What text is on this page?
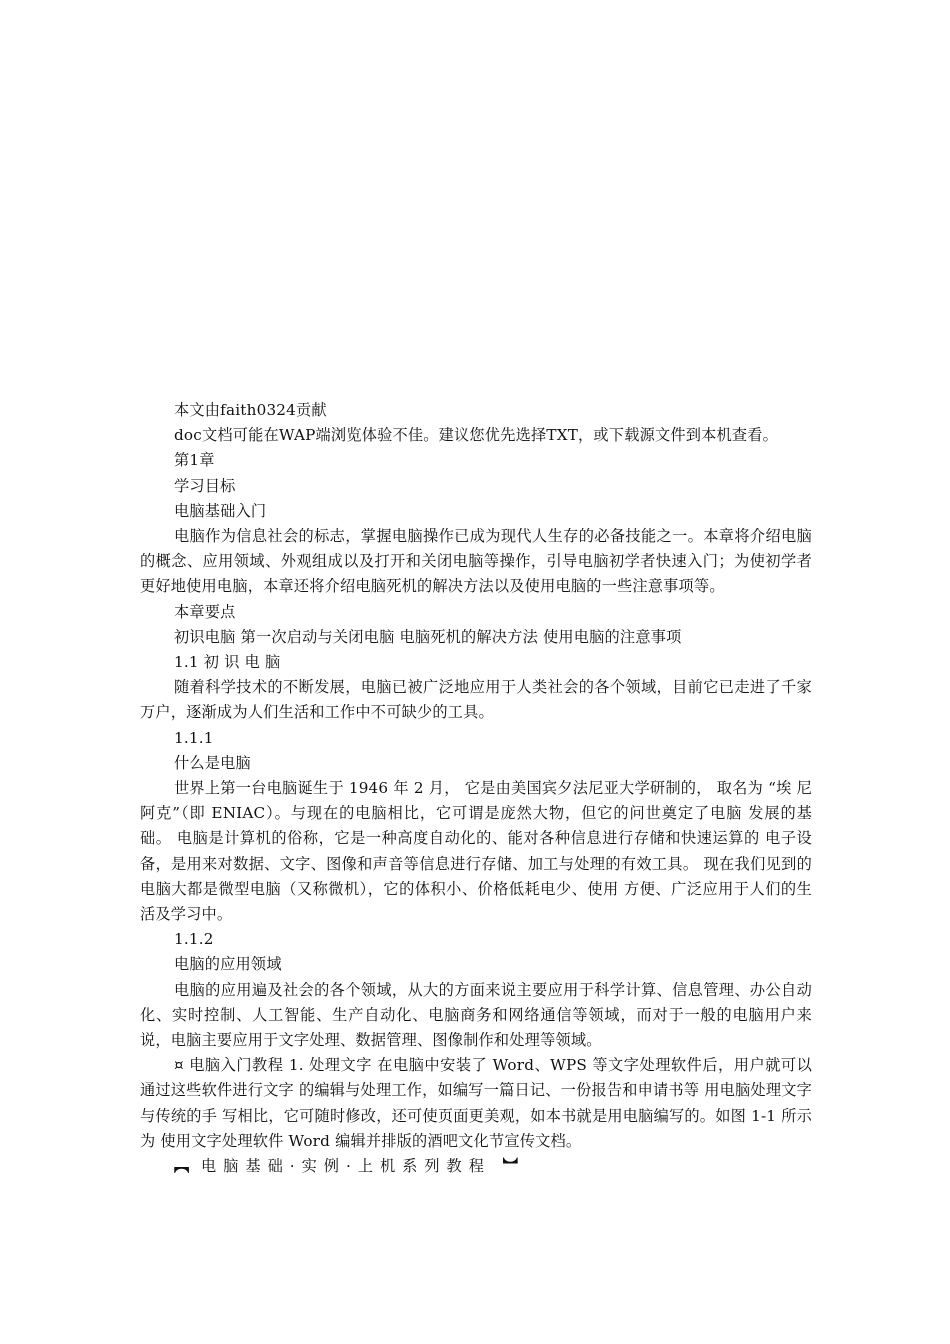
本文由faith0324贡献

doc文档可能在WAP端浏览体验不佳。建议您优先选择TXT，或下载源文件到本机查看。

第1章

学习目标

电脑基础入门

电脑作为信息社会的标志，掌握电脑操作已成为现代人生存的必备技能之一。本章将介绍电脑的概念、应用领域、外观组成以及打开和关闭电脑等操作，引导电脑初学者快速入门；为使初学者更好地使用电脑，本章还将介绍电脑死机的解决方法以及使用电脑的一些注意事项等。

本章要点

初识电脑 第一次启动与关闭电脑 电脑死机的解决方法 使用电脑的注意事项

1.1 初 识 电 脑

随着科学技术的不断发展，电脑已被广泛地应用于人类社会的各个领域，目前它已走进了千家万户，逐渐成为人们生活和工作中不可缺少的工具。

1.1.1

什么是电脑

世界上第一台电脑诞生于 1946 年 2 月， 它是由美国宾夕法尼亚大学研制的， 取名为 “埃 尼阿克”（即 ENIAC）。与现在的电脑相比，它可谓是庞然大物，但它的问世奠定了电脑 发展的基础。 电脑是计算机的俗称，它是一种高度自动化的、能对各种信息进行存储和快速运算的 电子设备，是用来对数据、文字、图像和声音等信息进行存储、加工与处理的有效工具。 现在我们见到的电脑大都是微型电脑（又称微机），它的体积小、价格低耗电少、使用 方便、广泛应用于人们的生活及学习中。

1.1.2

电脑的应用领域

电脑的应用遍及社会的各个领域，从大的方面来说主要应用于科学计算、信息管理、办公自动化、实时控制、人工智能、生产自动化、电脑商务和网络通信等领域，而对于一般的电脑用户来说，电脑主要应用于文字处理、数据管理、图像制作和处理等领域。

¤ 电脑入门教程 1. 处理文字 在电脑中安装了 Word、WPS 等文字处理软件后，用户就可以通过这些软件进行文字 的编辑与处理工作，如编写一篇日记、一份报告和申请书等 用电脑处理文字与传统的手 写相比，它可随时修改，还可使页面更美观，如本书就是用电脑编写的。如图 1-1 所示为 使用文字处理软件 Word 编辑并排版的酒吧文化节宣传文档。

︻ 电脑基础·实例·上机系列教程 ︼
